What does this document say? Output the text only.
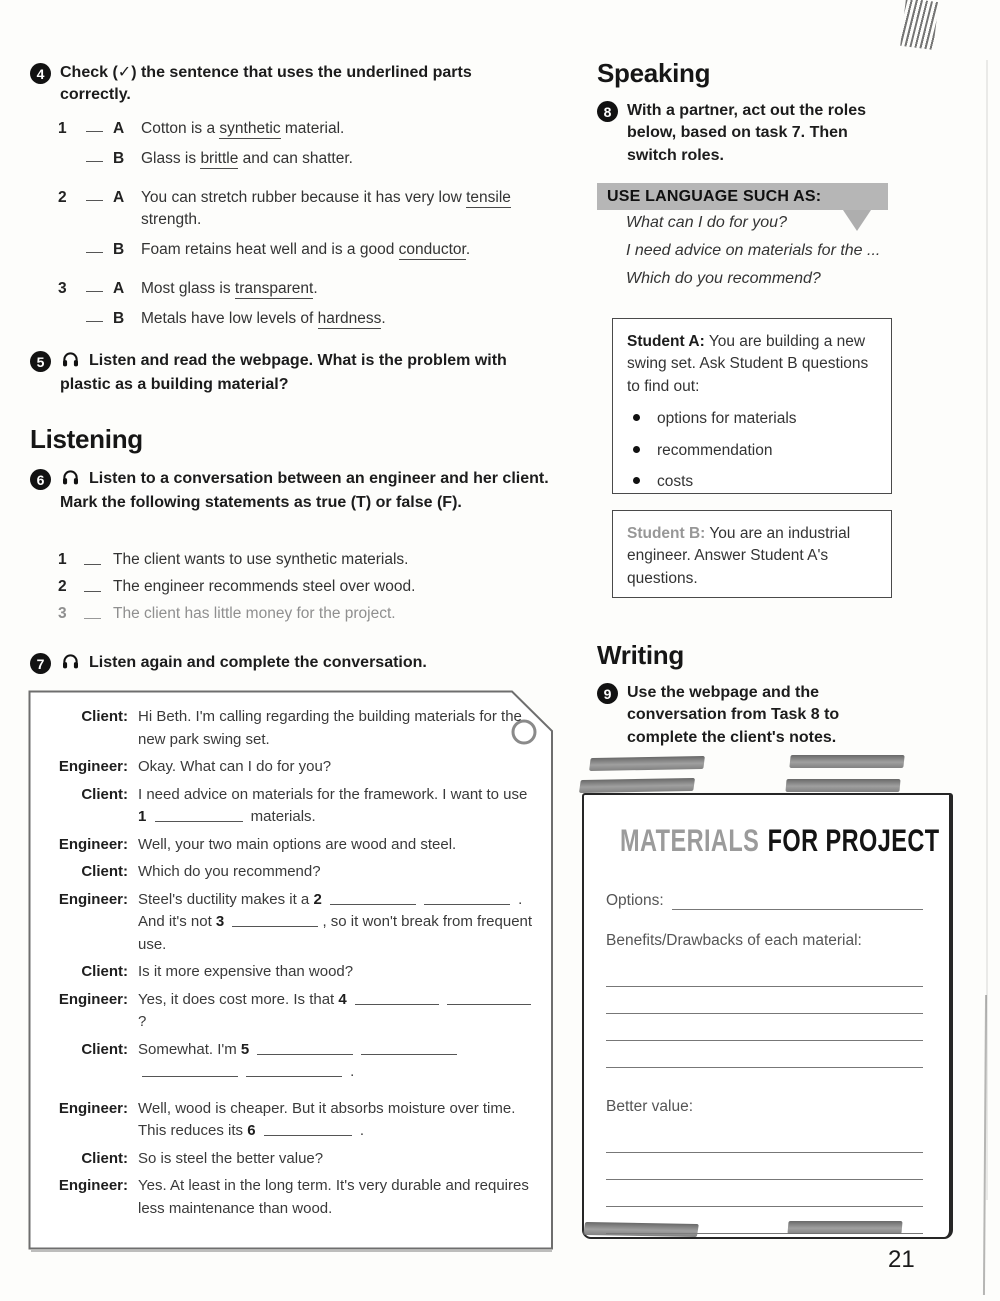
4 Check (✓) the sentence that uses the underlined parts correctly.
1	A	Cotton is a synthetic material.
B	Glass is brittle and can shatter.
2	A	You can stretch rubber because it has very low tensile strength.
B	Foam retains heat well and is a good conductor.
3	A	Most glass is transparent.
B	Metals have low levels of hardness.
5	Listen and read the webpage. What is the problem with plastic as a building material?
Listening
6	Listen to a conversation between an engineer and her client. Mark the following statements as true (T) or false (F).
1	The client wants to use synthetic materials.
2	The engineer recommends steel over wood.
3	The client has little money for the project.
7	Listen again and complete the conversation.
Client: Hi Beth. I'm calling regarding the building materials for the new park swing set.
Engineer: Okay. What can I do for you?
Client: I need advice on materials for the framework. I want to use 1	materials.
Engineer: Well, your two main options are wood and steel.
Client: Which do you recommend?
Engineer: Steel's ductility makes it a 2	.
And it's not 3	, so it won't break from frequent use.
Client: Is it more expensive than wood?
Engineer: Yes, it does cost more. Is that 4 ?
Client: Somewhat. I'm 5  .
Engineer: Well, wood is cheaper. But it absorbs moisture over time. This reduces its 6	.
Client: So is steel the better value?
Engineer: Yes. At least in the long term. It's very durable and requires less maintenance than wood.
Speaking
8 With a partner, act out the roles below, based on task 7. Then switch roles.
USE LANGUAGE SUCH AS:
What can I do for you?
I need advice on materials for the ...
Which do you recommend?
Student A: You are building a new swing set. Ask Student B questions to find out:
options for materials
recommendation
costs
Student B: You are an industrial engineer. Answer Student A's questions.
Writing
9 Use the webpage and the conversation from Task 8 to complete the client's notes.
MATERIALS FOR PROJECT
Options:
Benefits/Drawbacks of each material:
Better value:
21
